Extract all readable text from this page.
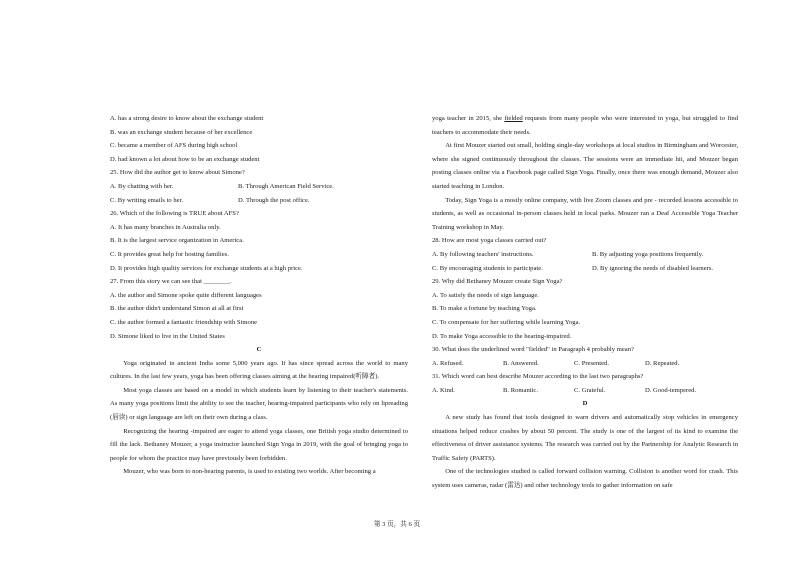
A. has a strong desire to know about the exchange student
B. was an exchange student because of her excellence
C. became a member of AFS during high school
D. had known a lot about how to be an exchange student
25. How did the author get to know about Simone?
A. By chatting with her.	B. Through American Field Service.
C. By writing emails to her.	D. Through the post office.
26. Which of the following is TRUE about AFS?
A. It has many branches in Australia only.
B. It is the largest service organization in America.
C. It provides great help for hosting families.
D. It provides high quality services for exchange students at a high price.
27. From this story we can see that ________.
A. the author and Simone spoke quite different languages
B. the author didn't understand Simon at all at first
C. the author formed a fantastic friendship with Simone
D. Simone liked to live in the United States
C
Yoga originated in ancient India some 5,000 years ago. It has since spread across the world to many cultures. In the last few years, yoga has been offering classes aiming at the hearing impaired(听障者).
Most yoga classes are based on a model in which students learn by listening to their teacher's statements. As many yoga positions limit the ability to see the teacher, hearing-impaired participants who rely on lipreading (唇读) or sign language are left on their own during a class.
Recognizing the hearing -impaired are eager to attend yoga classes, one British yoga studio determined to fill the lack. Bethaney Mouzer, a yoga instructor launched Sign Yoga in 2019, with the goal of bringing yoga to people for whom the practice may have previously been forbidden.
Mouzer, who was born to non-hearing parents, is used to existing two worlds. After becoming a
yoga teacher in 2015, she fielded requests from many people who were interested in yoga, but struggled to find teachers to accommodate their needs.
At first Mouzer started out small, holding single-day workshops at local studios in Birmingham and Worcester, where she signed continuously throughout the classes. The sessions were an immediate hit, and Mouzer began posting classes online via a Facebook page called Sign Yoga. Finally, once there was enough demand, Mouzer also started teaching in London.
Today, Sign Yoga is a mostly online company, with live Zoom classes and pre - recorded lessons accessible to students, as well as occasional in-person classes held in local parks. Mouzer ran a Deaf Accessible Yoga Teacher Training workshop in May.
28. How are most yoga classes carried out?
A. By following teachers' instructions.	B. By adjusting yoga positions frequently.
C. By encouraging students to participate.	D. By ignoring the needs of disabled learners.
29. Why did Bethaney Mouzer create Sign Yoga?
A. To satisfy the needs of sign language.
B. To make a fortune by teaching Yoga.
C. To compensate for her suffering while learning Yoga.
D. To make Yoga accessible to the hearing-impaired.
30. What does the underlined word "fielded" in Paragraph 4 probably mean?
A. Refused.	B. Answered.	C. Presented.	D. Repeated.
31. Which word can best describe Mouzer according to the last two paragraphs?
A. Kind.	B. Romantic.	C. Grateful.	D. Good-tempered.
D
A new study has found that tools designed to warn drivers and automatically stop vehicles in emergency situations helped reduce crashes by about 50 percent. The study is one of the largest of its kind to examine the effectiveness of driver assistance systems. The research was carried out by the Partnership for Analytic Research in Traffic Safety (PARTS).
One of the technologies studied is called forward collision warning. Collision is another word for crash. This system uses cameras, radar (雷达) and other technology tools to gather information on safe
第 3 页，共 6 页
